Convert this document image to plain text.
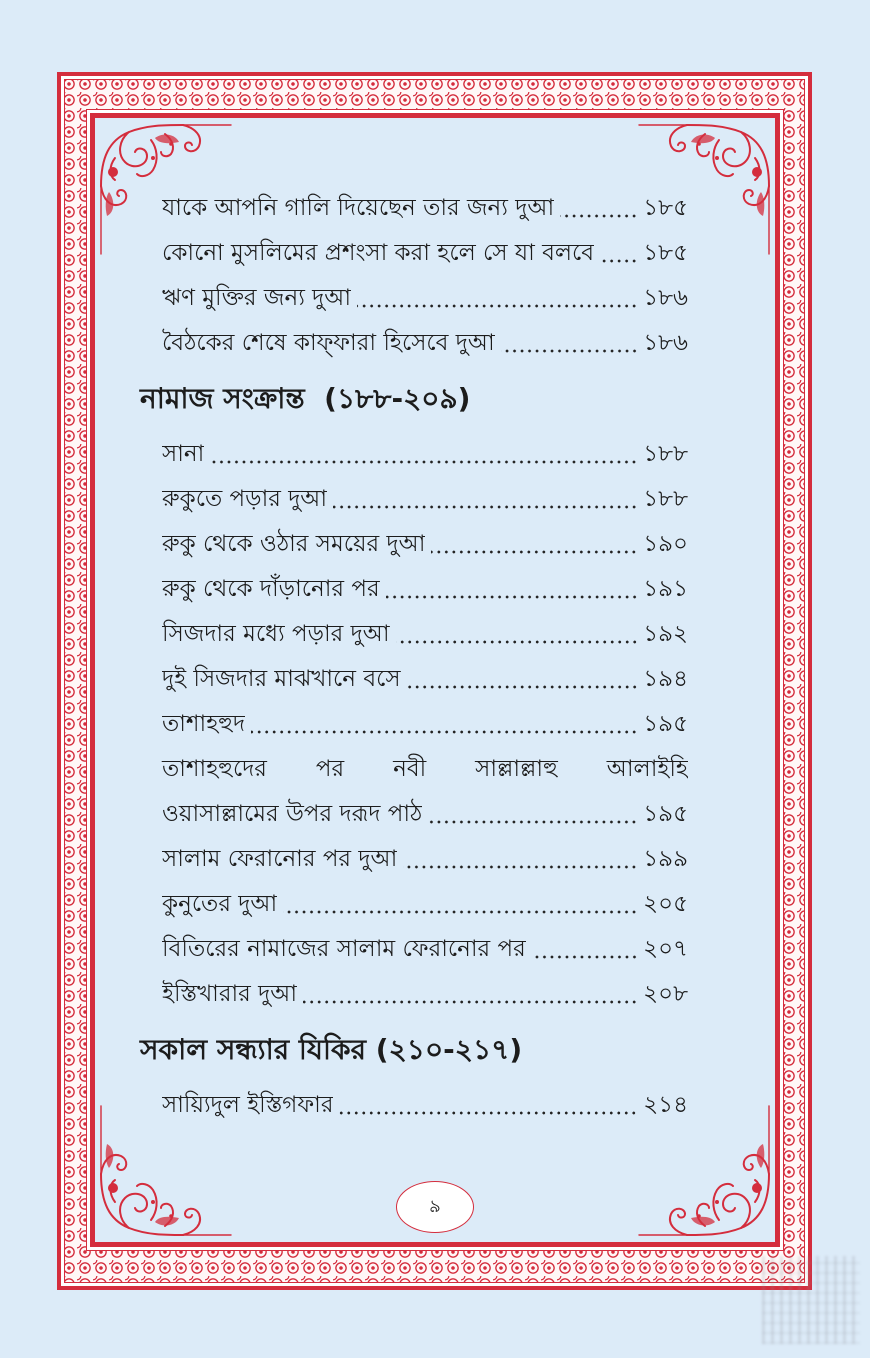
যাকে আপনি গালি দিয়েছেন তার জন্য দুআ	১৮৫
কোনো মুসলিমের প্রশংসা করা হলে সে যা বলবে ১৮৫
ঋণ মুক্তির জন্য দুআ	১৮৬
বৈঠকের শেষে কাফ্‌ফারা হিসেবে দুআ	১৮৬
নামাজ সংক্রান্ত  (১৮৮-২০৯)
সানা	১৮৮
রুকুতে পড়ার দুআ	১৮৮
রুকু থেকে ওঠার সময়ের দুআ	১৯০
রুকু থেকে দাঁড়ানোর পর	১৯১
সিজদার মধ্যে পড়ার দুআ	১৯২
দুই সিজদার মাঝখানে বসে	১৯৪
তাশাহহুদ	১৯৫
তাশাহহুদের পর নবী সাল্লাল্লাহু আলাইহি
ওয়াসাল্লামের উপর দরূদ পাঠ	১৯৫
সালাম ফেরানোর পর দুআ	১৯৯
কুনুতের দুআ	২০৫
বিতিরের নামাজের সালাম ফেরানোর পর	২০৭
ইস্তিখারার দুআ	২০৮
সকাল সন্ধ্যার যিকির (২১০-২১৭)
সায়্যিদুল ইস্তিগফার	২১৪
৯
